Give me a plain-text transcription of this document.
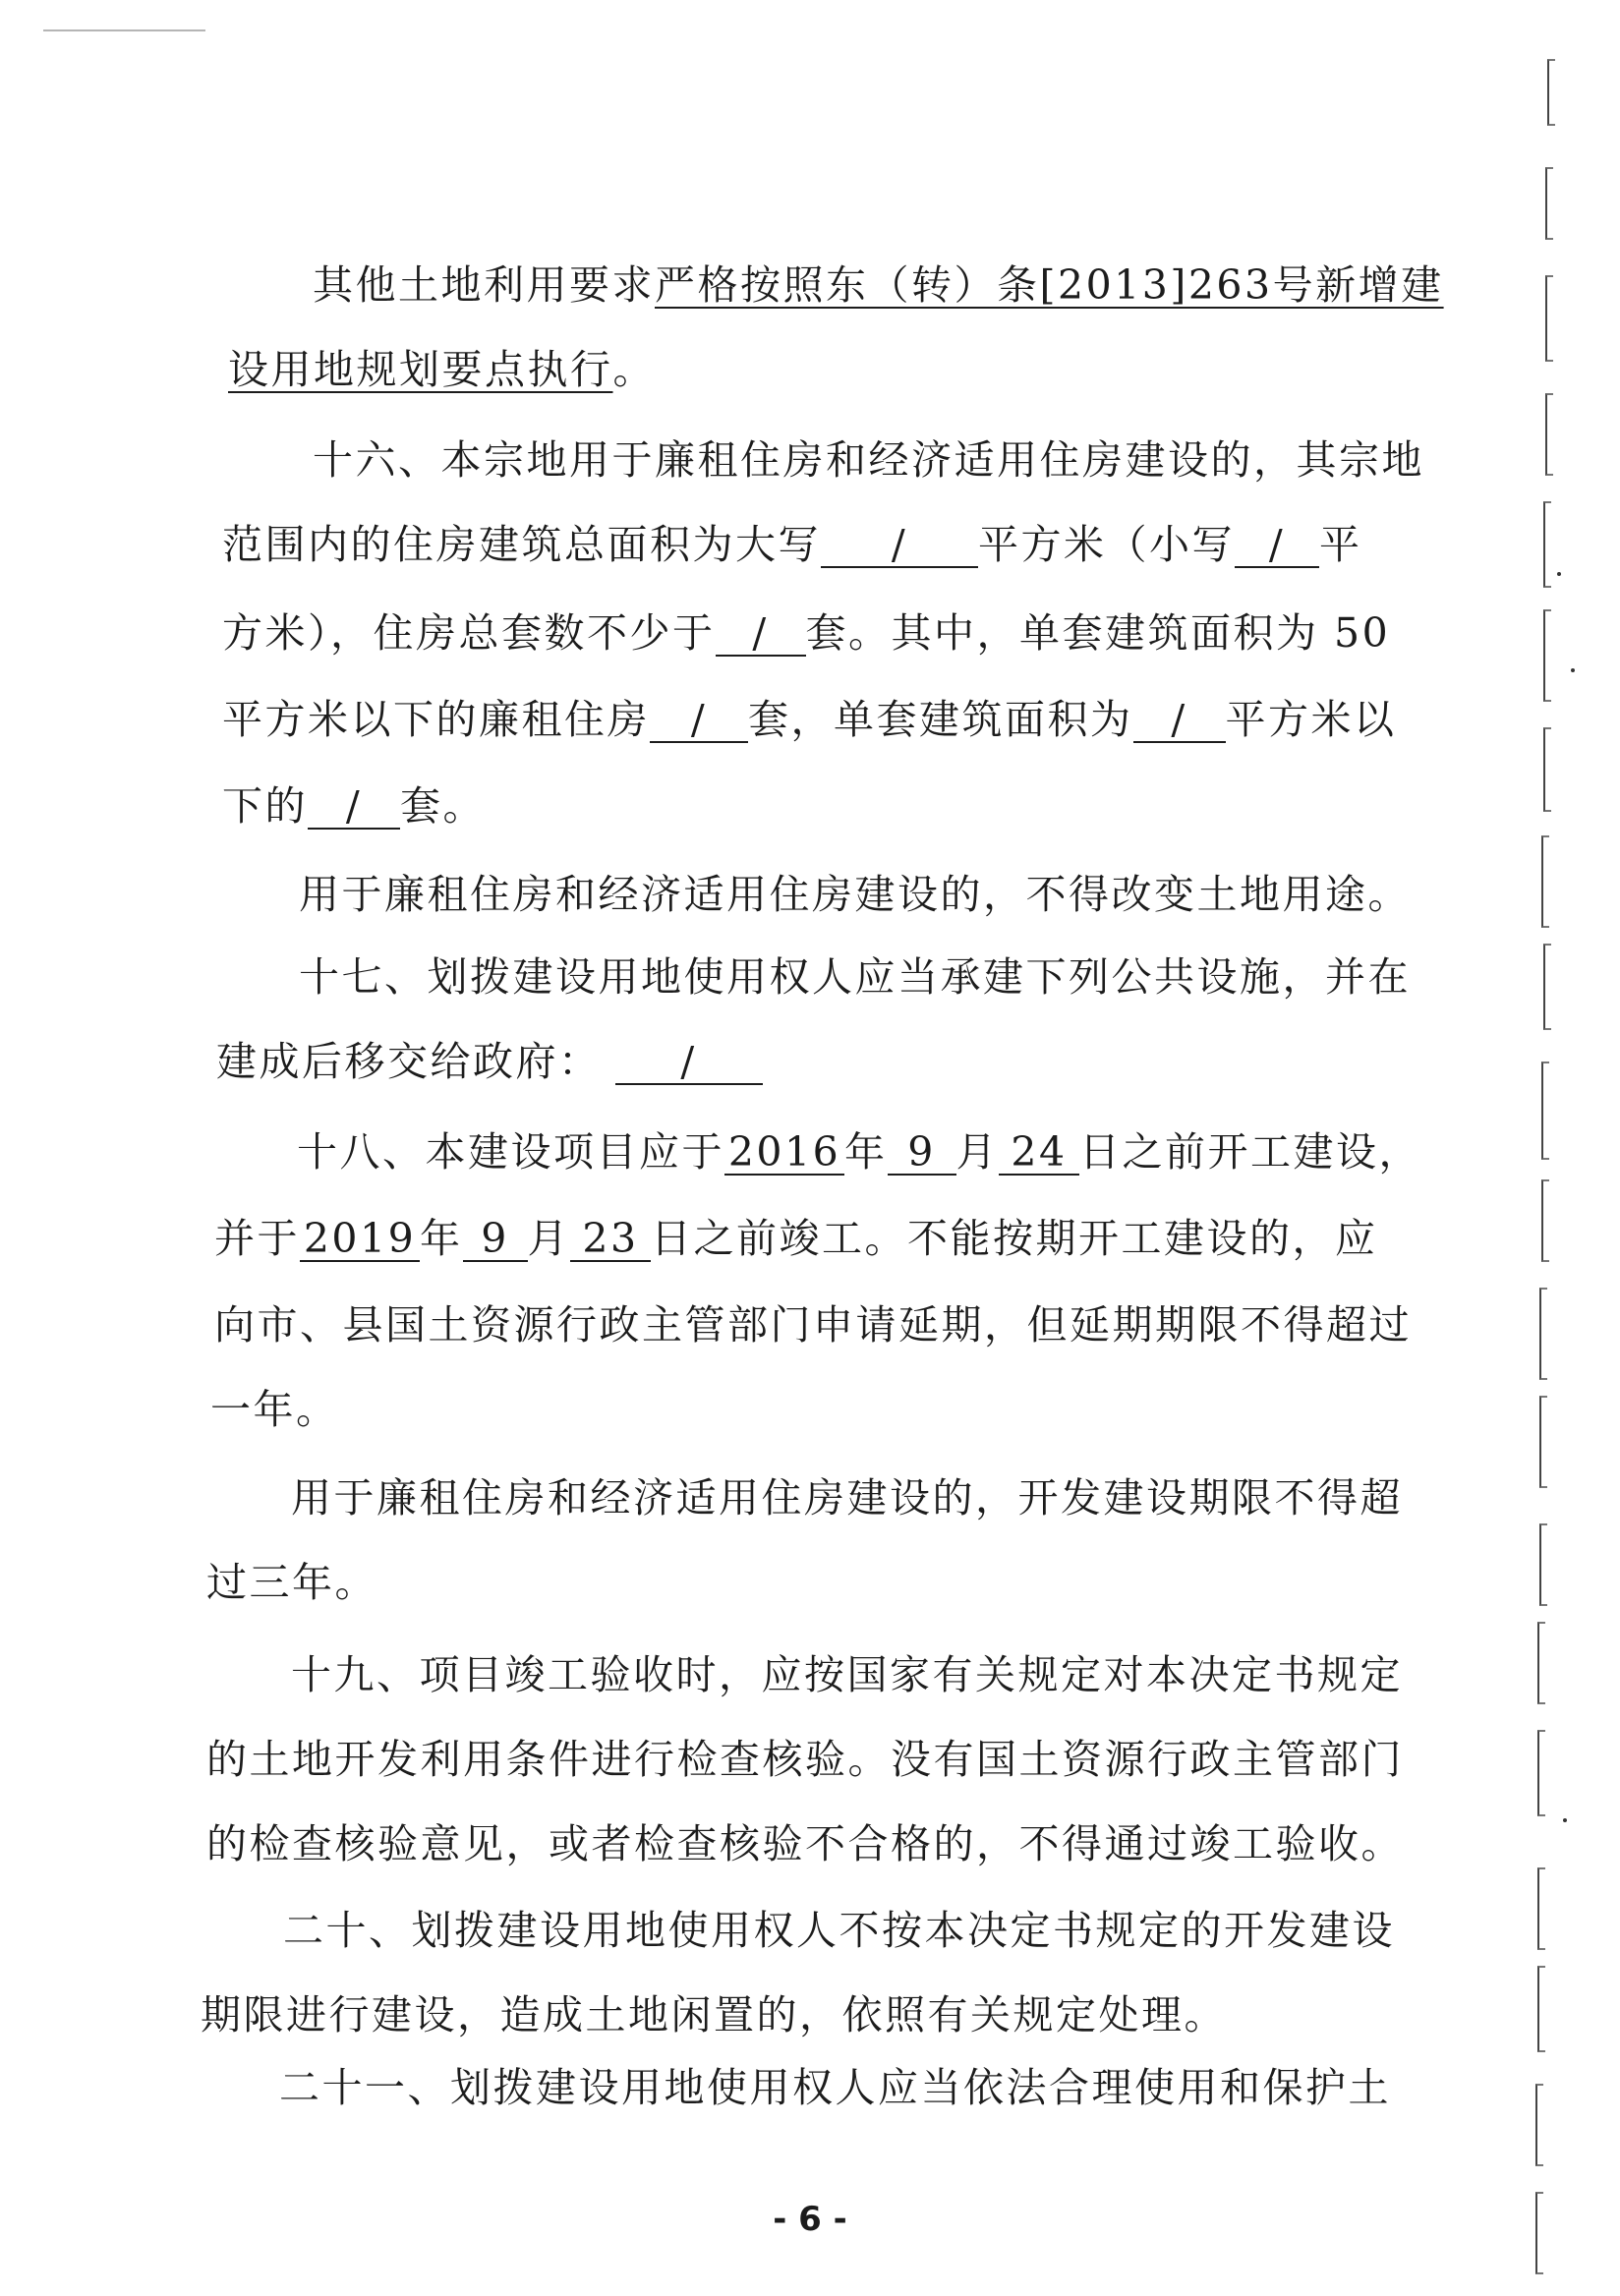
其他土地利用要求严格按照东（转）条[2013]263号新增建
设用地规划要点执行。
十六、本宗地用于廉租住房和经济适用住房建设的，其宗地
范围内的住房建筑总面积为大写 / 平方米（小写 / 平
方米），住房总套数不少于 / 套。其中，单套建筑面积为 50
平方米以下的廉租住房 / 套，单套建筑面积为 / 平方米以
下的 / 套。
用于廉租住房和经济适用住房建设的，不得改变土地用途。
十七、划拨建设用地使用权人应当承建下列公共设施，并在
建成后移交给政府： /
十八、本建设项目应于2016年 9 月 24 日之前开工建设，
并于2019年 9 月 23 日之前竣工。不能按期开工建设的，应
向市、县国土资源行政主管部门申请延期，但延期期限不得超过
一年。
用于廉租住房和经济适用住房建设的，开发建设期限不得超
过三年。
十九、项目竣工验收时，应按国家有关规定对本决定书规定
的土地开发利用条件进行检查核验。没有国土资源行政主管部门
的检查核验意见，或者检查核验不合格的，不得通过竣工验收。
二十、划拨建设用地使用权人不按本决定书规定的开发建设
期限进行建设，造成土地闲置的，依照有关规定处理。
二十一、划拨建设用地使用权人应当依法合理使用和保护土
- 6 -
